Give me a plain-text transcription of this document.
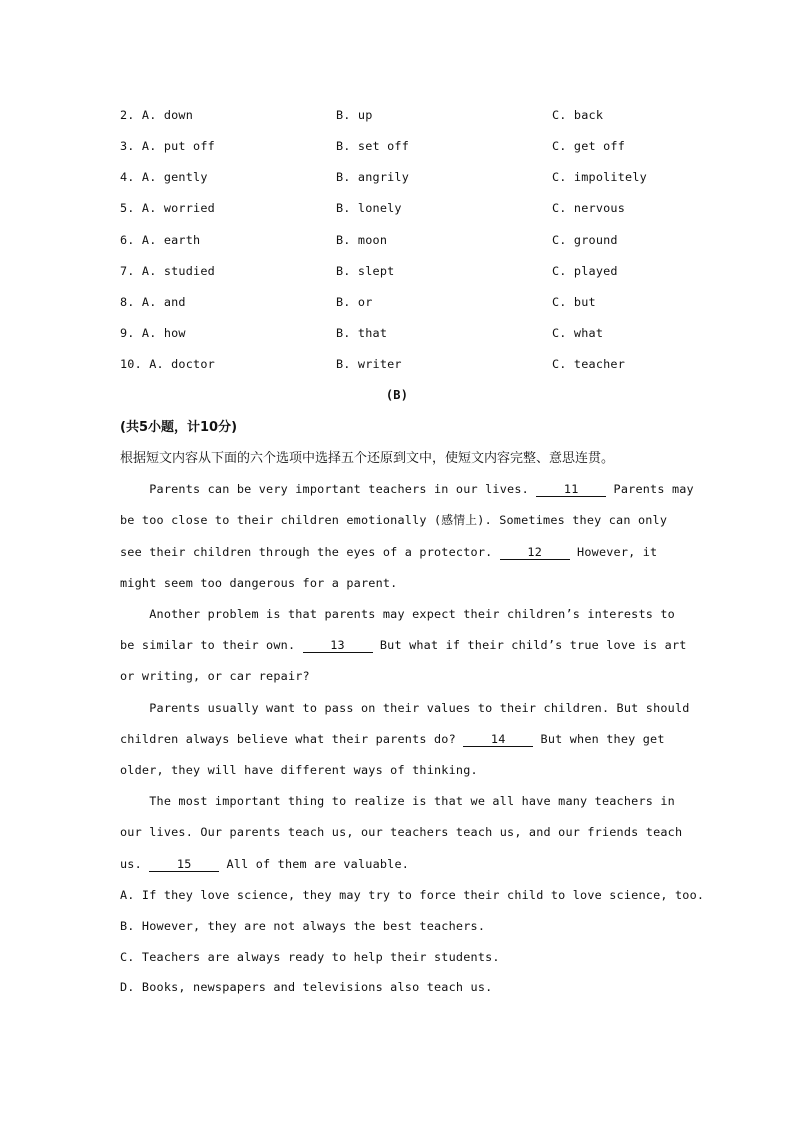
2. A. down	B. up	C. back
3. A. put off	B. set off	C. get off
4. A. gently	B. angrily	C. impolitely
5. A. worried	B. lonely	C. nervous
6. A. earth	B. moon	C. ground
7. A. studied	B. slept	C. played
8. A. and	B. or	C. but
9. A. how	B. that	C. what
10. A. doctor	B. writer	C. teacher
(B)
(共5小题，计10分)
根据短文内容从下面的六个选项中选择五个还原到文中，使短文内容完整、意思连贯。
Parents can be very important teachers in our lives. 11 Parents may
be too close to their children emotionally (感情上). Sometimes they can only
see their children through the eyes of a protector. 12 However, it
might seem too dangerous for a parent.
Another problem is that parents may expect their children’s interests to
be similar to their own. 13 But what if their child’s true love is art
or writing, or car repair?
Parents usually want to pass on their values to their children. But should
children always believe what their parents do? 14 But when they get
older, they will have different ways of thinking.
The most important thing to realize is that we all have many teachers in
our lives. Our parents teach us, our teachers teach us, and our friends teach
us. 15 All of them are valuable.
A. If they love science, they may try to force their child to love science, too.
B. However, they are not always the best teachers.
C. Teachers are always ready to help their students.
D. Books, newspapers and televisions also teach us.
